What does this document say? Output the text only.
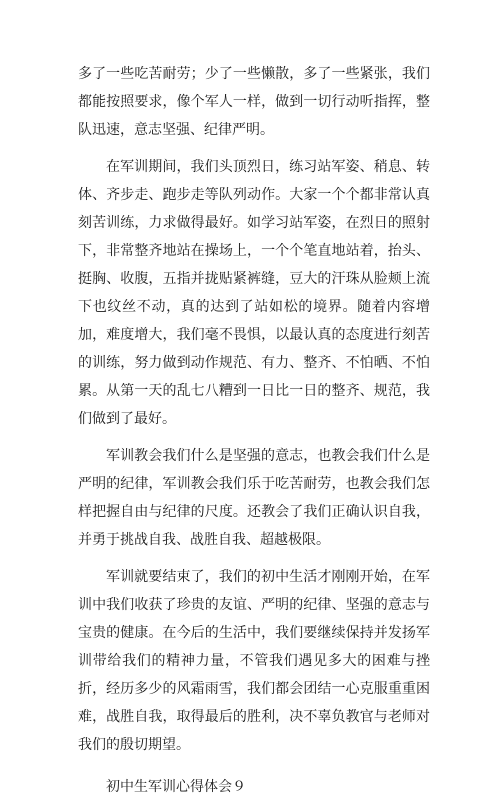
多了一些吃苦耐劳；少了一些懒散，多了一些紧张，我们都能按照要求，像个军人一样，做到一切行动听指挥，整队迅速，意志坚强、纪律严明。

在军训期间，我们头顶烈日，练习站军姿、稍息、转体、齐步走、跑步走等队列动作。大家一个个都非常认真刻苦训练，力求做得最好。如学习站军姿，在烈日的照射下，非常整齐地站在操场上，一个个笔直地站着，抬头、挺胸、收腹，五指并拢贴紧裤缝，豆大的汗珠从脸颊上流下也纹丝不动，真的达到了站如松的境界。随着内容增加，难度增大，我们毫不畏惧，以最认真的态度进行刻苦的训练，努力做到动作规范、有力、整齐、不怕晒、不怕累。从第一天的乱七八糟到一日比一日的整齐、规范，我们做到了最好。

军训教会我们什么是坚强的意志，也教会我们什么是严明的纪律，军训教会我们乐于吃苦耐劳，也教会我们怎样把握自由与纪律的尺度。还教会了我们正确认识自我，并勇于挑战自我、战胜自我、超越极限。

军训就要结束了，我们的初中生活才刚刚开始，在军训中我们收获了珍贵的友谊、严明的纪律、坚强的意志与宝贵的健康。在今后的生活中，我们要继续保持并发扬军训带给我们的精神力量，不管我们遇见多大的困难与挫折，经历多少的风霜雨雪，我们都会团结一心克服重重困难，战胜自我，取得最后的胜利，决不辜负教官与老师对我们的殷切期望。

初中生军训心得体会９
